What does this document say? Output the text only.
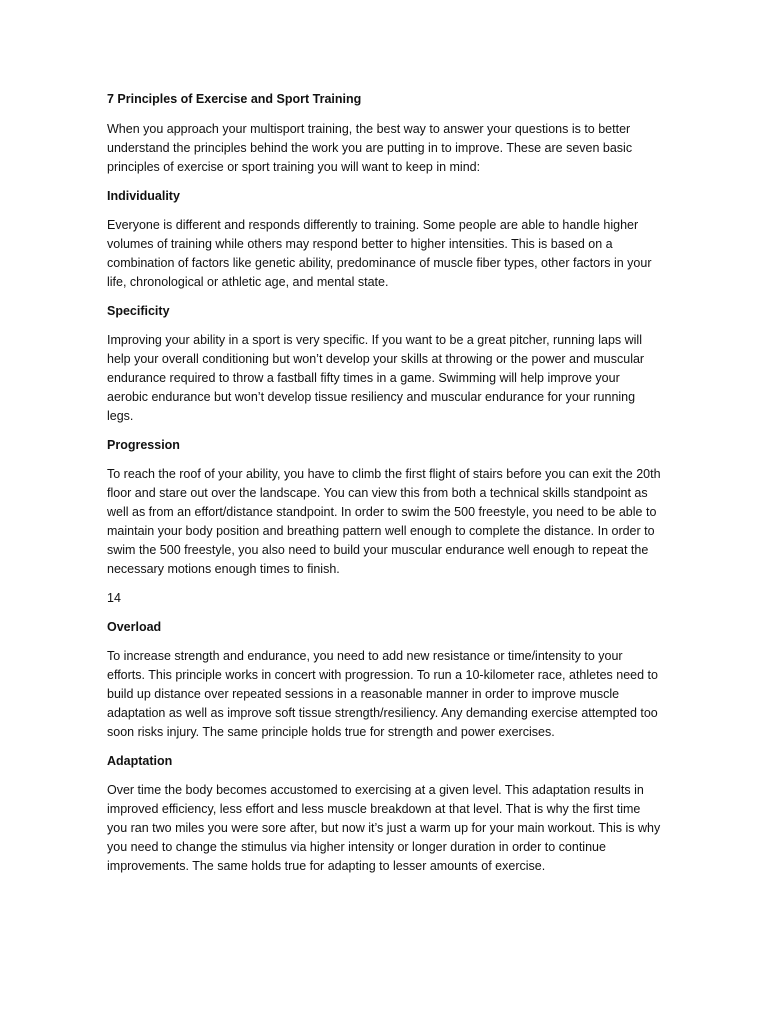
7 Principles of Exercise and Sport Training

When you approach your multisport training, the best way to answer your questions is to better understand the principles behind the work you are putting in to improve. These are seven basic principles of exercise or sport training you will want to keep in mind:

Individuality

Everyone is different and responds differently to training. Some people are able to handle higher volumes of training while others may respond better to higher intensities. This is based on a combination of factors like genetic ability, predominance of muscle fiber types, other factors in your life, chronological or athletic age, and mental state.

Specificity

Improving your ability in a sport is very specific. If you want to be a great pitcher, running laps will help your overall conditioning but won’t develop your skills at throwing or the power and muscular endurance required to throw a fastball fifty times in a game. Swimming will help improve your aerobic endurance but won’t develop tissue resiliency and muscular endurance for your running legs.

Progression

To reach the roof of your ability, you have to climb the first flight of stairs before you can exit the 20th floor and stare out over the landscape. You can view this from both a technical skills standpoint as well as from an effort/distance standpoint. In order to swim the 500 freestyle, you need to be able to maintain your body position and breathing pattern well enough to complete the distance. In order to swim the 500 freestyle, you also need to build your muscular endurance well enough to repeat the necessary motions enough times to finish.

14

Overload

To increase strength and endurance, you need to add new resistance or time/intensity to your efforts. This principle works in concert with progression. To run a 10-kilometer race, athletes need to build up distance over repeated sessions in a reasonable manner in order to improve muscle adaptation as well as improve soft tissue strength/resiliency. Any demanding exercise attempted too soon risks injury. The same principle holds true for strength and power exercises.

Adaptation

Over time the body becomes accustomed to exercising at a given level. This adaptation results in improved efficiency, less effort and less muscle breakdown at that level. That is why the first time you ran two miles you were sore after, but now it’s just a warm up for your main workout. This is why you need to change the stimulus via higher intensity or longer duration in order to continue improvements. The same holds true for adapting to lesser amounts of exercise.
